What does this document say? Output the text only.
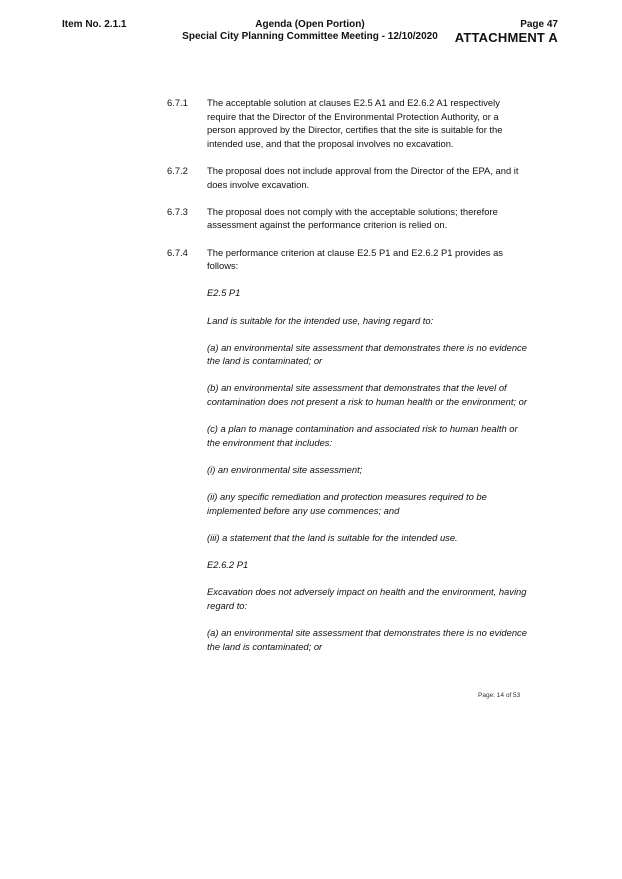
Item No. 2.1.1	Agenda (Open Portion)
Special City Planning Committee Meeting - 12/10/2020
Page 47
ATTACHMENT A
6.7.1	The acceptable solution at clauses E2.5 A1 and E2.6.2 A1 respectively require that the Director of the Environmental Protection Authority, or a person approved by the Director, certifies that the site is suitable for the intended use, and that the proposal involves no excavation.
6.7.2	The proposal does not include approval from the Director of the EPA, and it does involve excavation.
6.7.3	The proposal does not comply with the acceptable solutions; therefore assessment against the performance criterion is relied on.
6.7.4	The performance criterion at clause E2.5 P1 and E2.6.2 P1 provides as follows:
E2.5 P1
Land is suitable for the intended use, having regard to:
(a) an environmental site assessment that demonstrates there is no evidence the land is contaminated; or
(b) an environmental site assessment that demonstrates that the level of contamination does not present a risk to human health or the environment; or
(c) a plan to manage contamination and associated risk to human health or the environment that includes:
(i) an environmental site assessment;
(ii) any specific remediation and protection measures required to be implemented before any use commences; and
(iii) a statement that the land is suitable for the intended use.
E2.6.2 P1
Excavation does not adversely impact on health and the environment, having regard to:
(a) an environmental site assessment that demonstrates there is no evidence the land is contaminated; or
Page: 14 of 53
